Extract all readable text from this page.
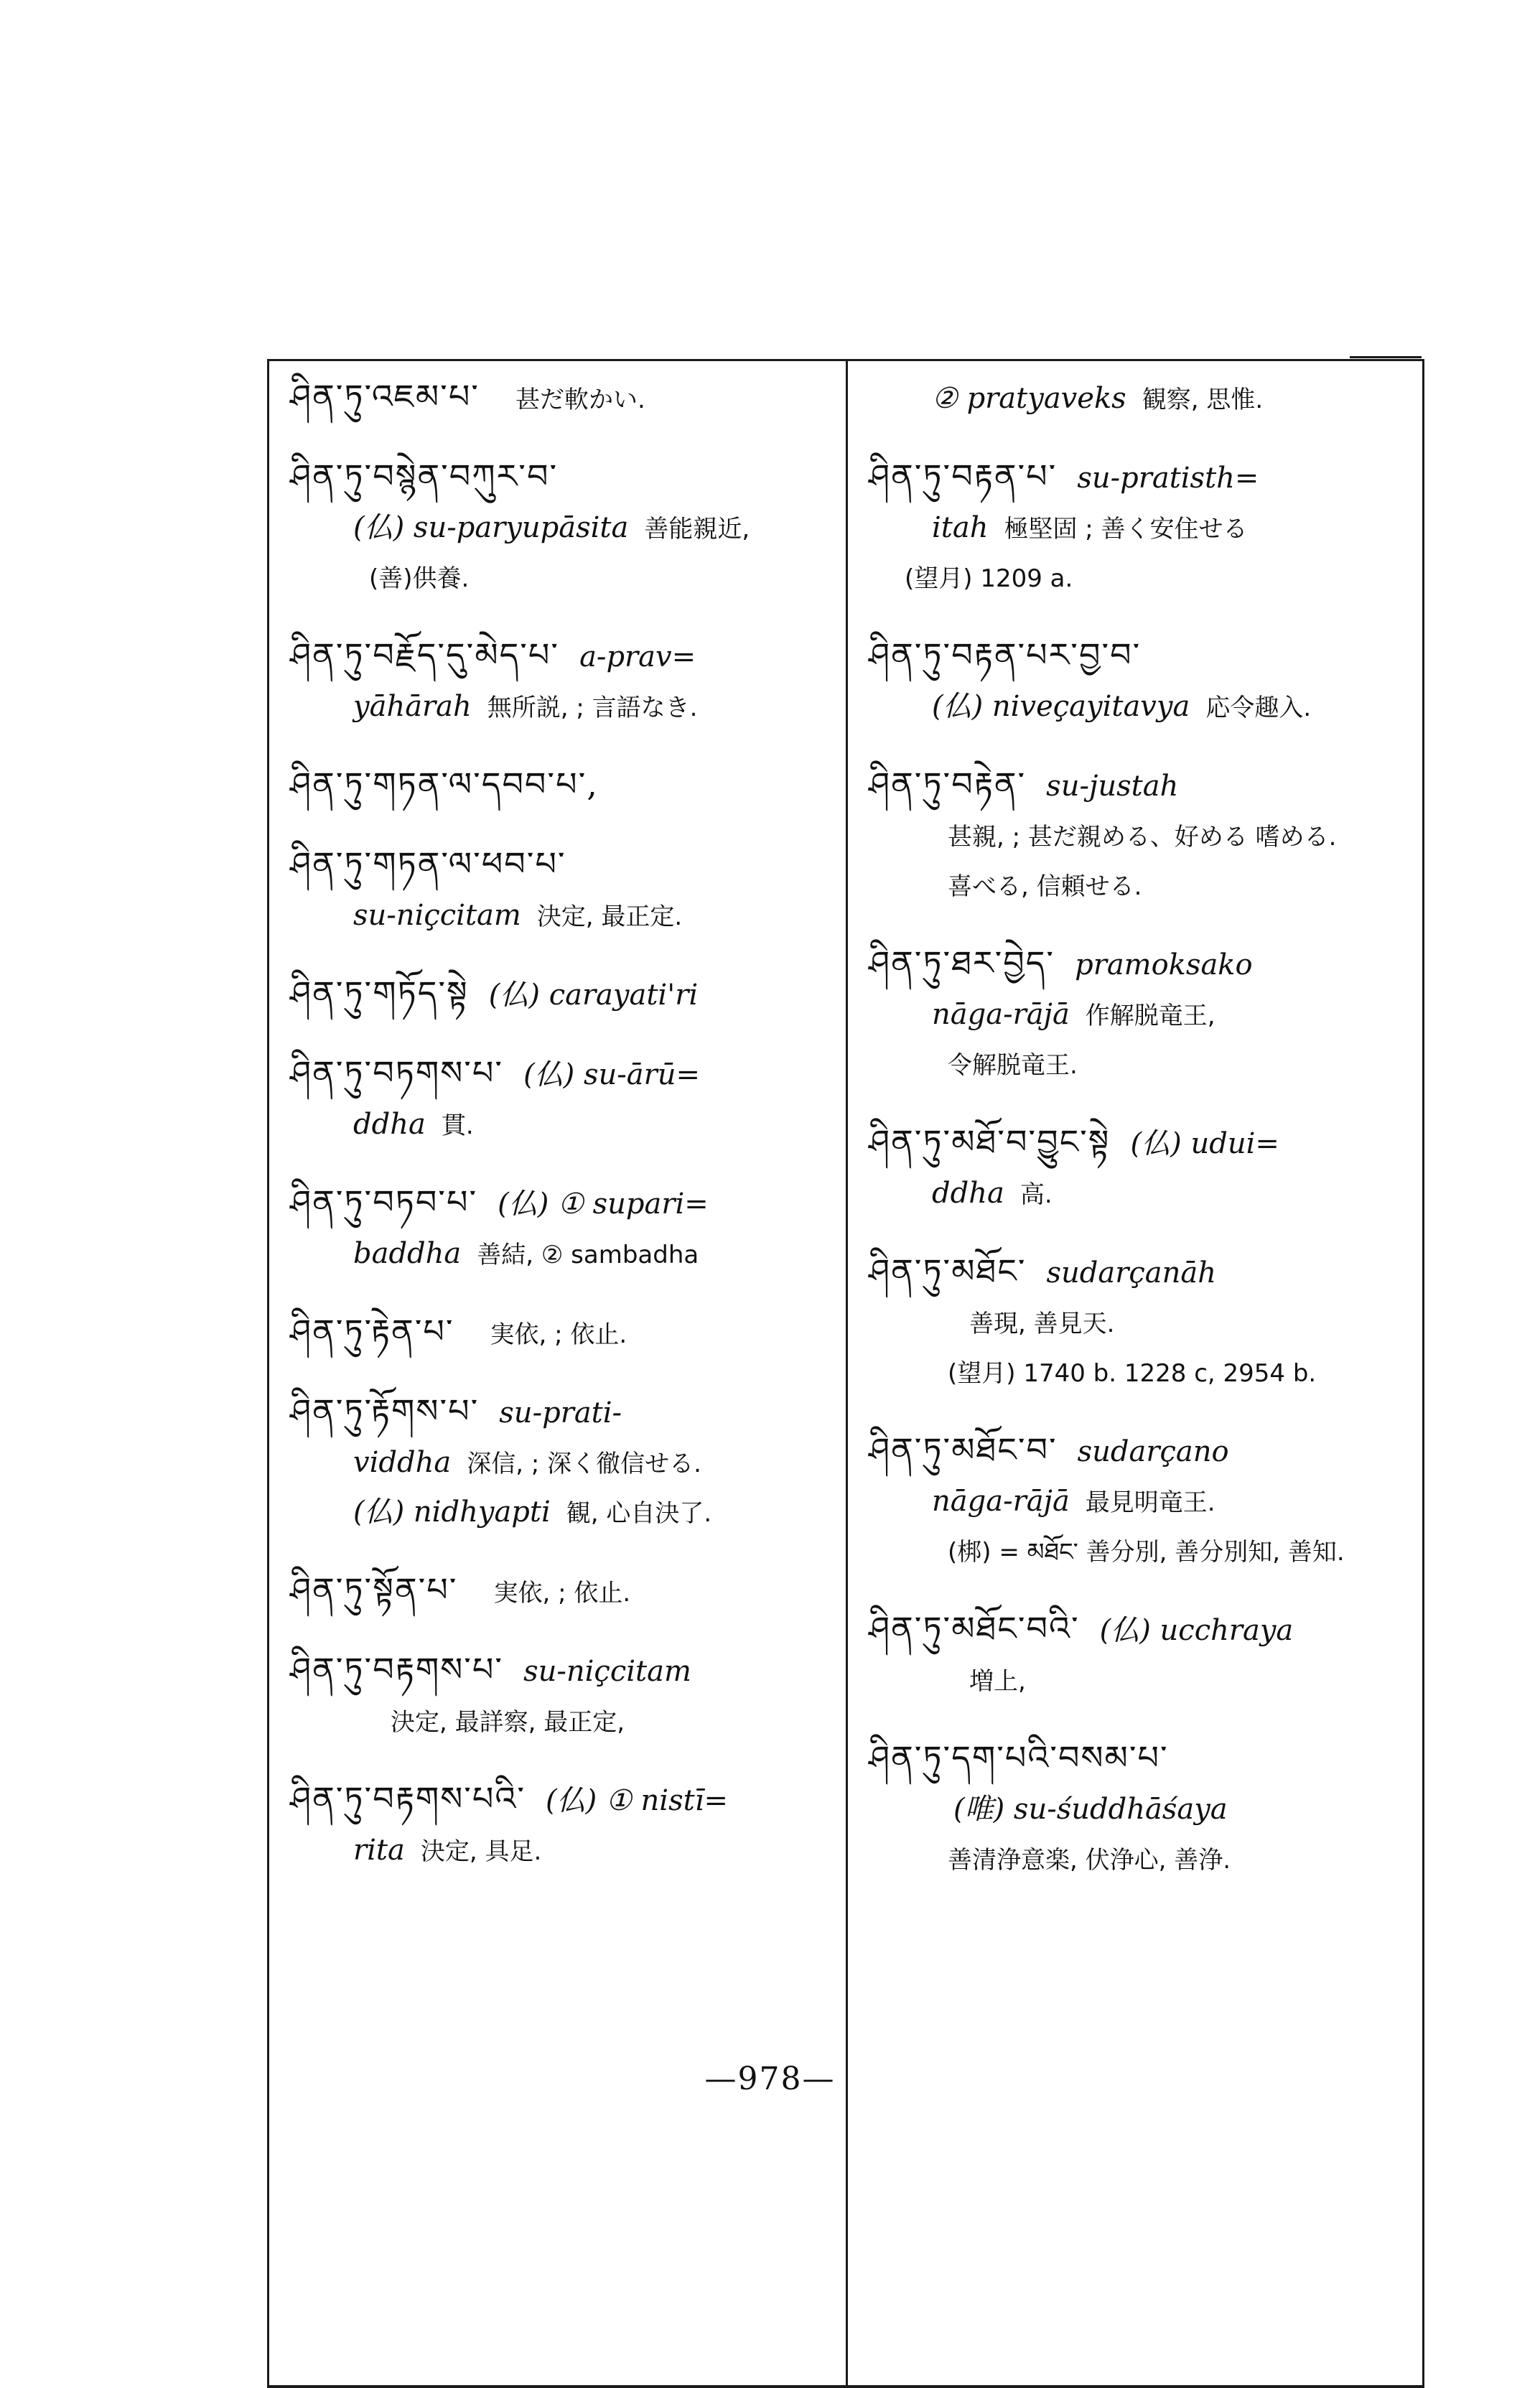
ཤིན་ཏུ་འཇམ་པ་ 甚だ軟かい.
ཤིན་ཏུ་བསྙེན་བཀུར་བ་
(仏) su-paryupāsita 善能親近,
(善)供養.
ཤིན་ཏུ་བརྗོད་དུ་མེད་པ་ a-prav=
yāhārah 無所説, ; 言語なき.
ཤིན་ཏུ་གཏན་ལ་དབབ་པ་,
ཤིན་ཏུ་གཏན་ལ་ཕབ་པ་
su-niçcitam 決定, 最正定.
ཤིན་ཏུ་གཏོད་སྟེ (仏) carayati'ri
ཤིན་ཏུ་བཏགས་པ་ (仏) su-ārū=
ddha 貫.
ཤིན་ཏུ་བཏབ་པ་ (仏) ① supari=
baddha 善結, ② sambadha
ཤིན་ཏུ་རྟེན་པ་ 実依, ; 依止.
ཤིན་ཏུ་རྟོགས་པ་ su-prati-
viddha 深信, ; 深く徹信せる.
(仏) nidhyapti 観, 心自決了.
ཤིན་ཏུ་སྟོན་པ་ 実依, ; 依止.
ཤིན་ཏུ་བརྟགས་པ་ su-niçcitam
決定, 最詳察, 最正定,
ཤིན་ཏུ་བརྟགས་པའི་ (仏) ① nistī=
rita 決定, 具足.
② pratyaveks 観察, 思惟.
ཤིན་ཏུ་བརྟན་པ་ su-pratisth=
itah 極堅固 ; 善く安住せる
(望月) 1209 a.
ཤིན་ཏུ་བརྟན་པར་བྱ་བ་
(仏) niveçayitavya 応令趣入.
ཤིན་ཏུ་བརྟེན་ su-justah
甚親, ; 甚だ親める、好める 嗜める.
喜べる, 信頼せる.
ཤིན་ཏུ་ཐར་བྱེད་ pramoksako
nāga-rājā 作解脱竜王,
令解脱竜王.
ཤིན་ཏུ་མཐོ་བ་བྱུང་སྟེ (仏) udui=
ddha 高.
ཤིན་ཏུ་མཐོང་ sudarçanāh
善現, 善見天.
(望月) 1740 b. 1228 c, 2954 b.
ཤིན་ཏུ་མཐོང་བ་ sudarçano
nāga-rājā 最見明竜王.
(梆) = མཐོང་ 善分別, 善分別知, 善知.
ཤིན་ཏུ་མཐོང་བའི་ (仏) ucchraya
増上,
ཤིན་ཏུ་དག་པའི་བསམ་པ་
(唯) su-śuddhāśaya
善清浄意楽, 伏浄心, 善浄.
—978—
